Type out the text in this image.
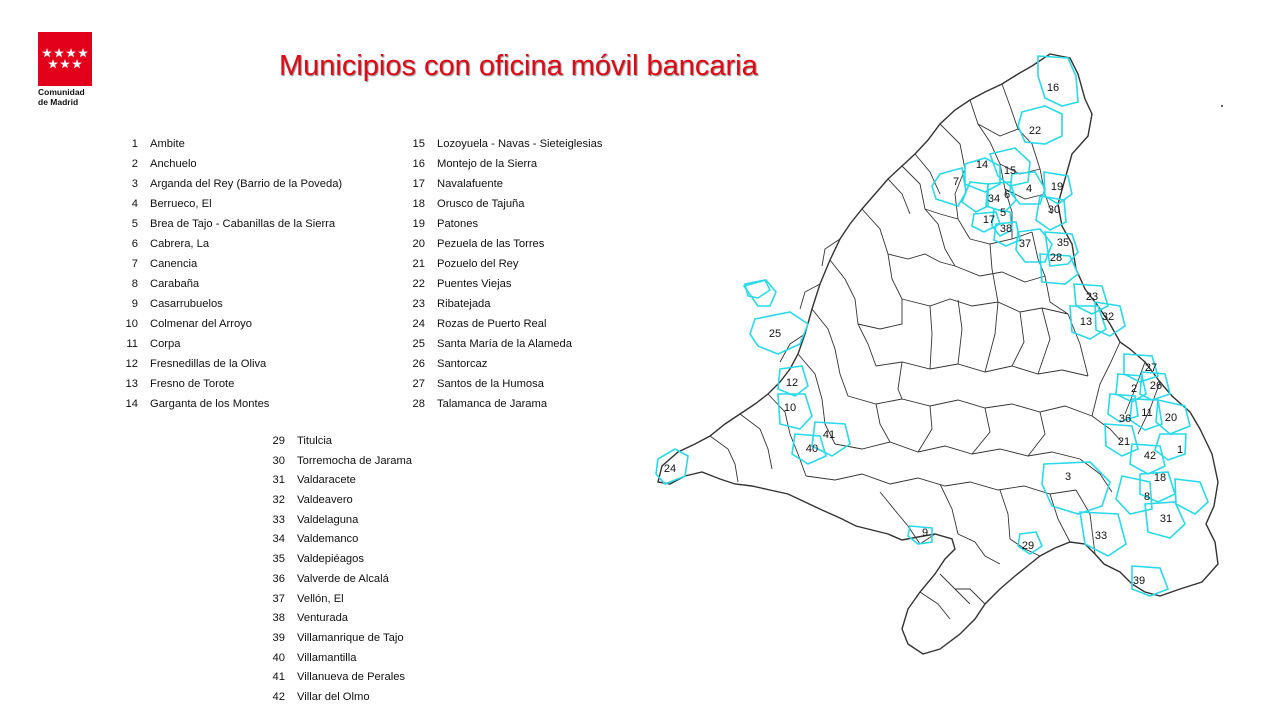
Comunidad
de Madrid
Municipios con oficina móvil bancaria
1 Ambite
2 Anchuelo
3 Arganda del Rey (Barrio de la Poveda)
4 Berrueco, El
5 Brea de Tajo - Cabanillas de la Sierra
6 Cabrera, La
7 Canencia
8 Carabaña
9 Casarrubuelos
10 Colmenar del Arroyo
11 Corpa
12 Fresnedillas de la Oliva
13 Fresno de Torote
14 Garganta de los Montes
15 Lozoyuela - Navas - Sieteiglesias
16 Montejo de la Sierra
17 Navalafuente
18 Orusco de Tajuña
19 Patones
20 Pezuela de las Torres
21 Pozuelo del Rey
22 Puentes Viejas
23 Ribatejada
24 Rozas de Puerto Real
25 Santa María de la Alameda
26 Santorcaz
27 Santos de la Humosa
28 Talamanca de Jarama
29 Titulcia
30 Torremocha de Jarama
31 Valdaracete
32 Valdeavero
33 Valdelaguna
34 Valdemanco
35 Valdepiéagos
36 Valverde de Alcalá
37 Vellón, El
38 Venturada
39 Villamanrique de Tajo
40 Villamantilla
41 Villanueva de Perales
42 Villar del Olmo
1
2
3
4
5
6
7
8
9
10	11
12
13
14 15
16
17
18
19
20
21
22
23
24
25
26
27
28
29
30
31
32
33
34
35
36
37
38
39
40
41
42
